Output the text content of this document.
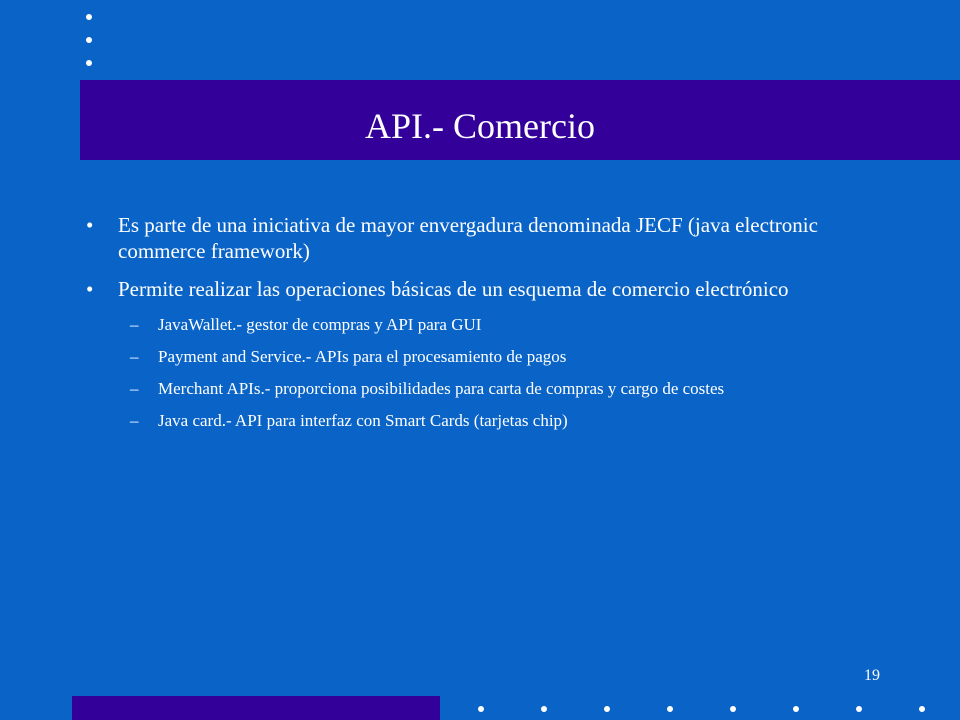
API.- Comercio
• Es parte de una iniciativa de mayor envergadura denominada JECF (java electronic commerce framework)
• Permite realizar las operaciones básicas de un esquema de comercio electrónico
– JavaWallet.- gestor de compras y API para GUI
– Payment and Service.- APIs para el procesamiento de pagos
– Merchant APIs.- proporciona posibilidades para carta de compras y cargo de costes
– Java card.- API para interfaz con Smart Cards (tarjetas chip)
19
